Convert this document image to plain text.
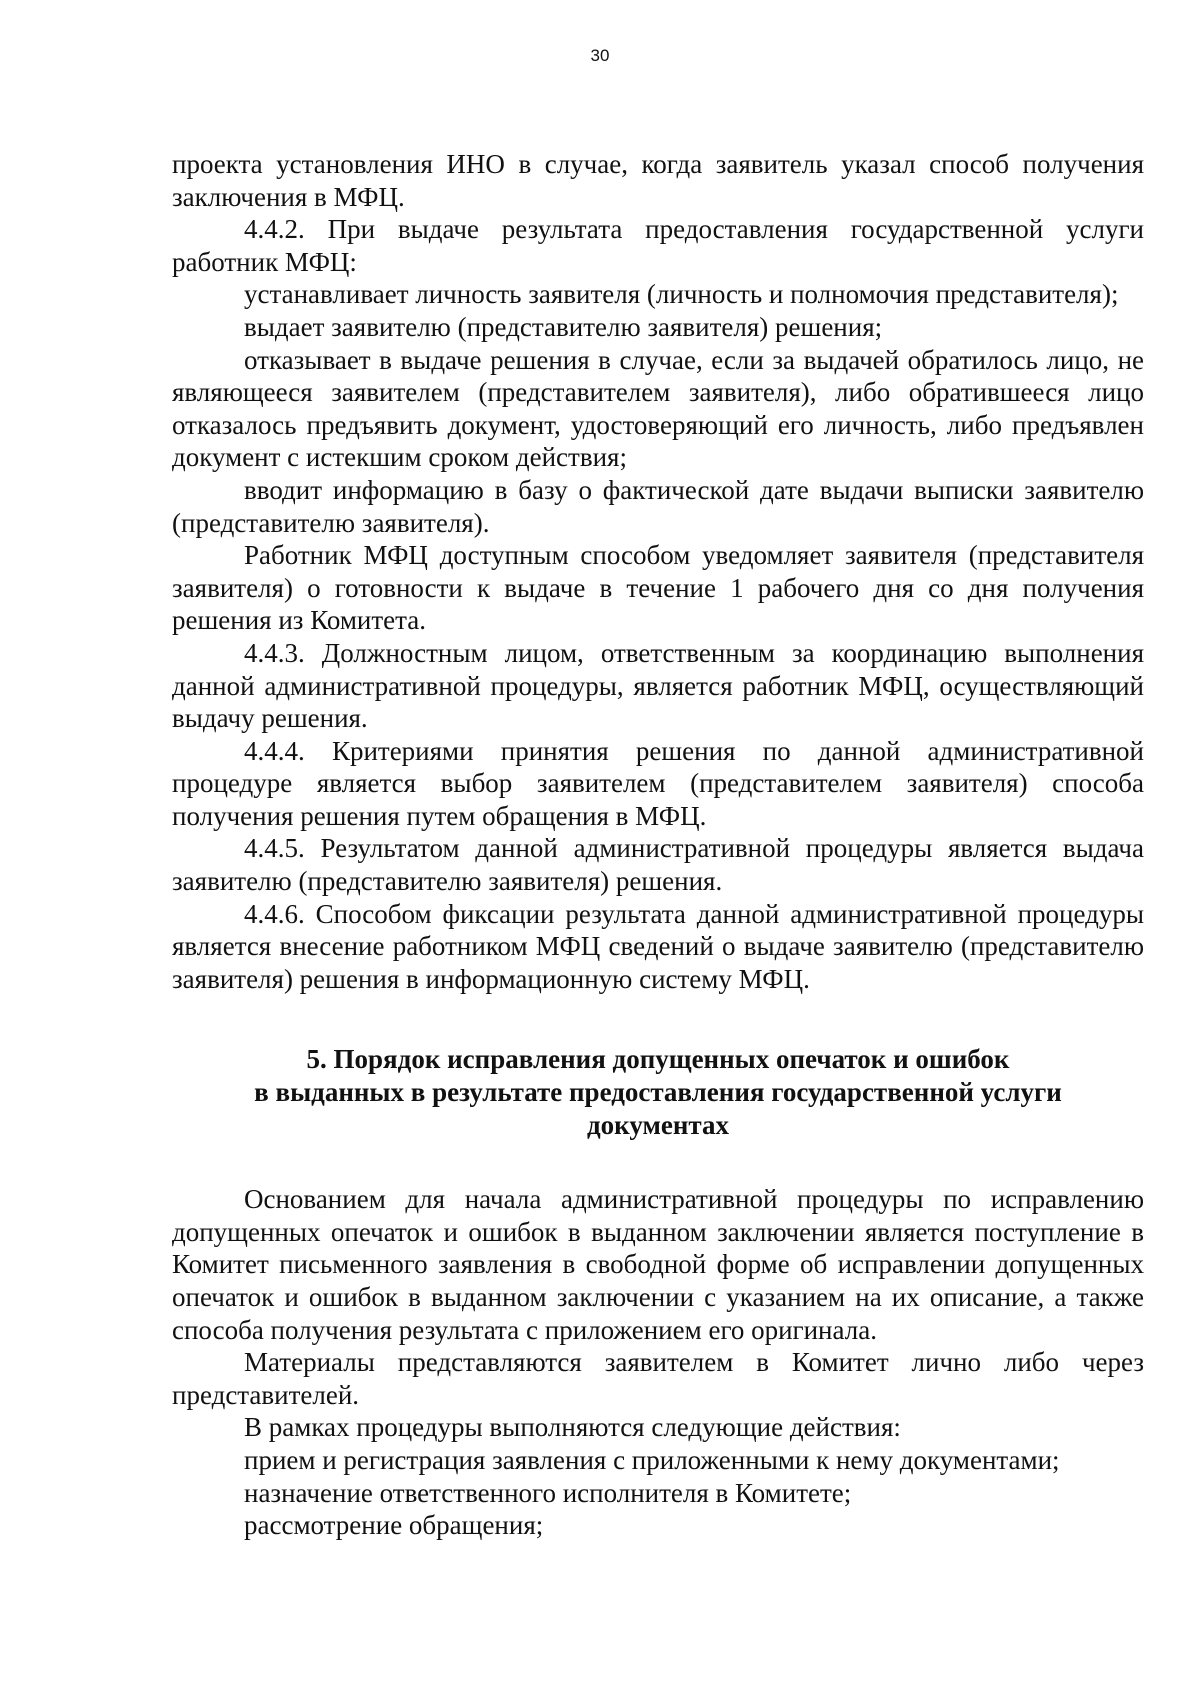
30

проекта установления ИНО в случае, когда заявитель указал способ получения заключения в МФЦ.

4.4.2. При выдаче результата предоставления государственной услуги работник МФЦ:

устанавливает личность заявителя (личность и полномочия представителя);

выдает заявителю (представителю заявителя) решения;

отказывает в выдаче решения в случае, если за выдачей обратилось лицо, не являющееся заявителем (представителем заявителя), либо обратившееся лицо отказалось предъявить документ, удостоверяющий его личность, либо предъявлен документ с истекшим сроком действия;

вводит информацию в базу о фактической дате выдачи выписки заявителю (представителю заявителя).

Работник МФЦ доступным способом уведомляет заявителя (представителя заявителя) о готовности к выдаче в течение 1 рабочего дня со дня получения решения из Комитета.

4.4.3. Должностным лицом, ответственным за координацию выполнения данной административной процедуры, является работник МФЦ, осуществляющий выдачу решения.

4.4.4. Критериями принятия решения по данной административной процедуре является выбор заявителем (представителем заявителя) способа получения решения путем обращения в МФЦ.

4.4.5. Результатом данной административной процедуры является выдача заявителю (представителю заявителя) решения.

4.4.6. Способом фиксации результата данной административной процедуры является внесение работником МФЦ сведений о выдаче заявителю (представителю заявителя) решения в информационную систему МФЦ.

5. Порядок исправления допущенных опечаток и ошибок
в выданных в результате предоставления государственной услуги
документах

Основанием для начала административной процедуры по исправлению допущенных опечаток и ошибок в выданном заключении является поступление в Комитет письменного заявления в свободной форме об исправлении допущенных опечаток и ошибок в выданном заключении с указанием на их описание, а также способа получения результата с приложением его оригинала.

Материалы представляются заявителем в Комитет лично либо через представителей.

В рамках процедуры выполняются следующие действия:

прием и регистрация заявления с приложенными к нему документами;

назначение ответственного исполнителя в Комитете;

рассмотрение обращения;
